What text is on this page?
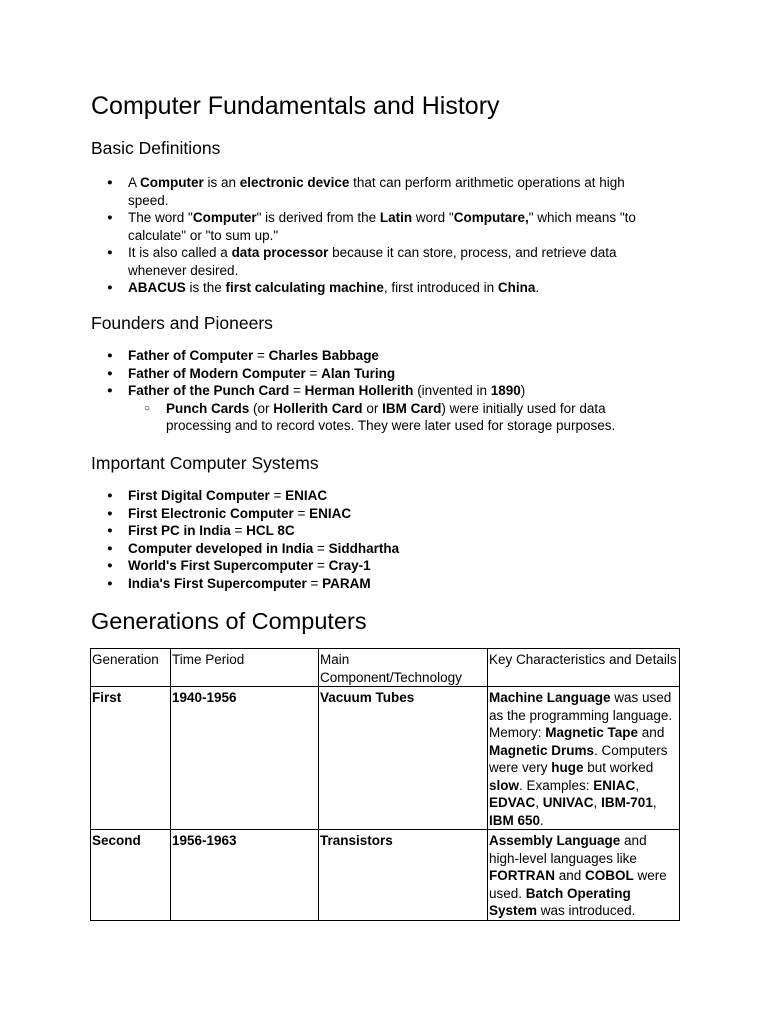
Computer Fundamentals and History
Basic Definitions
● A Computer is an electronic device that can perform arithmetic operations at high speed.
● The word "Computer" is derived from the Latin word "Computare," which means "to calculate" or "to sum up."
● It is also called a data processor because it can store, process, and retrieve data whenever desired.
● ABACUS is the first calculating machine, first introduced in China.
Founders and Pioneers
● Father of Computer = Charles Babbage
● Father of Modern Computer = Alan Turing
● Father of the Punch Card = Herman Hollerith (invented in 1890)
○ Punch Cards (or Hollerith Card or IBM Card) were initially used for data processing and to record votes. They were later used for storage purposes.
Important Computer Systems
● First Digital Computer = ENIAC
● First Electronic Computer = ENIAC
● First PC in India = HCL 8C
● Computer developed in India = Siddhartha
● World's First Supercomputer = Cray-1
● India's First Supercomputer = PARAM
Generations of Computers
Generation	Time Period	Main Component/Technology	Key Characteristics and Details
First	1940-1956	Vacuum Tubes	Machine Language was used as the programming language. Memory: Magnetic Tape and Magnetic Drums. Computers were very huge but worked slow. Examples: ENIAC, EDVAC, UNIVAC, IBM-701, IBM 650.
Second	1956-1963	Transistors	Assembly Language and high-level languages like FORTRAN and COBOL were used. Batch Operating System was introduced.
